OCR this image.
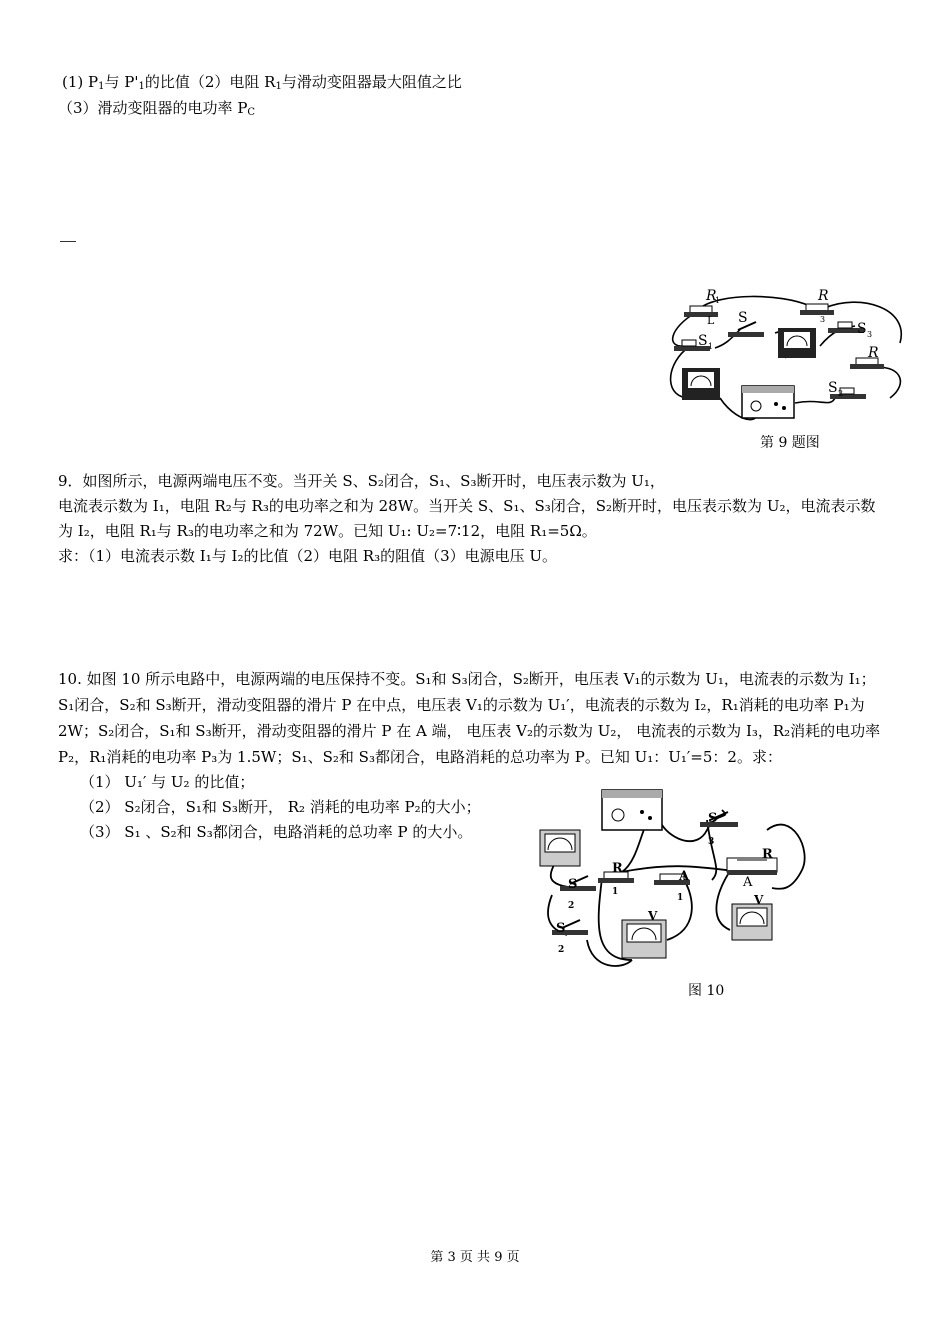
(1) P1与 P'1的比值（2）电阻 R1与滑动变阻器最大阻值之比
（3）滑动变阻器的电功率 PC
R
1	R
3
L S
S 1
S 3
S 2
R
第 9 题图
9．如图所示，电源两端电压不变。当开关 S、S₂闭合，S₁、S₃断开时，电压表示数为 U₁，
电流表示数为 I₁，电阻 R₂与 R₃的电功率之和为 28W。当开关 S、S₁、S₃闭合，S₂断开时，电压表示数为 U₂，电流表示数
为 I₂，电阻 R₁与 R₃的电功率之和为 72W。已知 U₁: U₂=7∶12，电阻 R₁=5Ω。
求：（1）电流表示数 I₁与 I₂的比值（2）电阻 R₃的阻值（3）电源电压 U。
10. 如图 10 所示电路中，电源两端的电压保持不变。S₁和 S₃闭合，S₂断开，电压表 V₁的示数为 U₁，电流表的示数为 I₁；
S₁闭合，S₂和 S₃断开，滑动变阻器的滑片 P 在中点，电压表 V₁的示数为 U₁′，电流表的示数为 I₂，R₁消耗的电功率 P₁为
2W；S₂闭合，S₁和 S₃断开，滑动变阻器的滑片 P 在 A 端， 电压表 V₂的示数为 U₂， 电流表的示数为 I₃，R₂消耗的电功率
P₂，R₁消耗的电功率 P₃为 1.5W；S₁、S₂和 S₃都闭合，电路消耗的总功率为 P。已知 U₁：U₁′=5：2。求：
（1） U₁′ 与 U₂ 的比值；
（2） S₂闭合，S₁和 S₃断开， R₂ 消耗的电功率 P₂的大小；
（3） S₁ 、S₂和 S₃都闭合，电路消耗的总功率 P 的大小。
S
3
R
R
1
A
1
A
S
2
V
S
2
V
图 10
第 3 页 共 9 页
